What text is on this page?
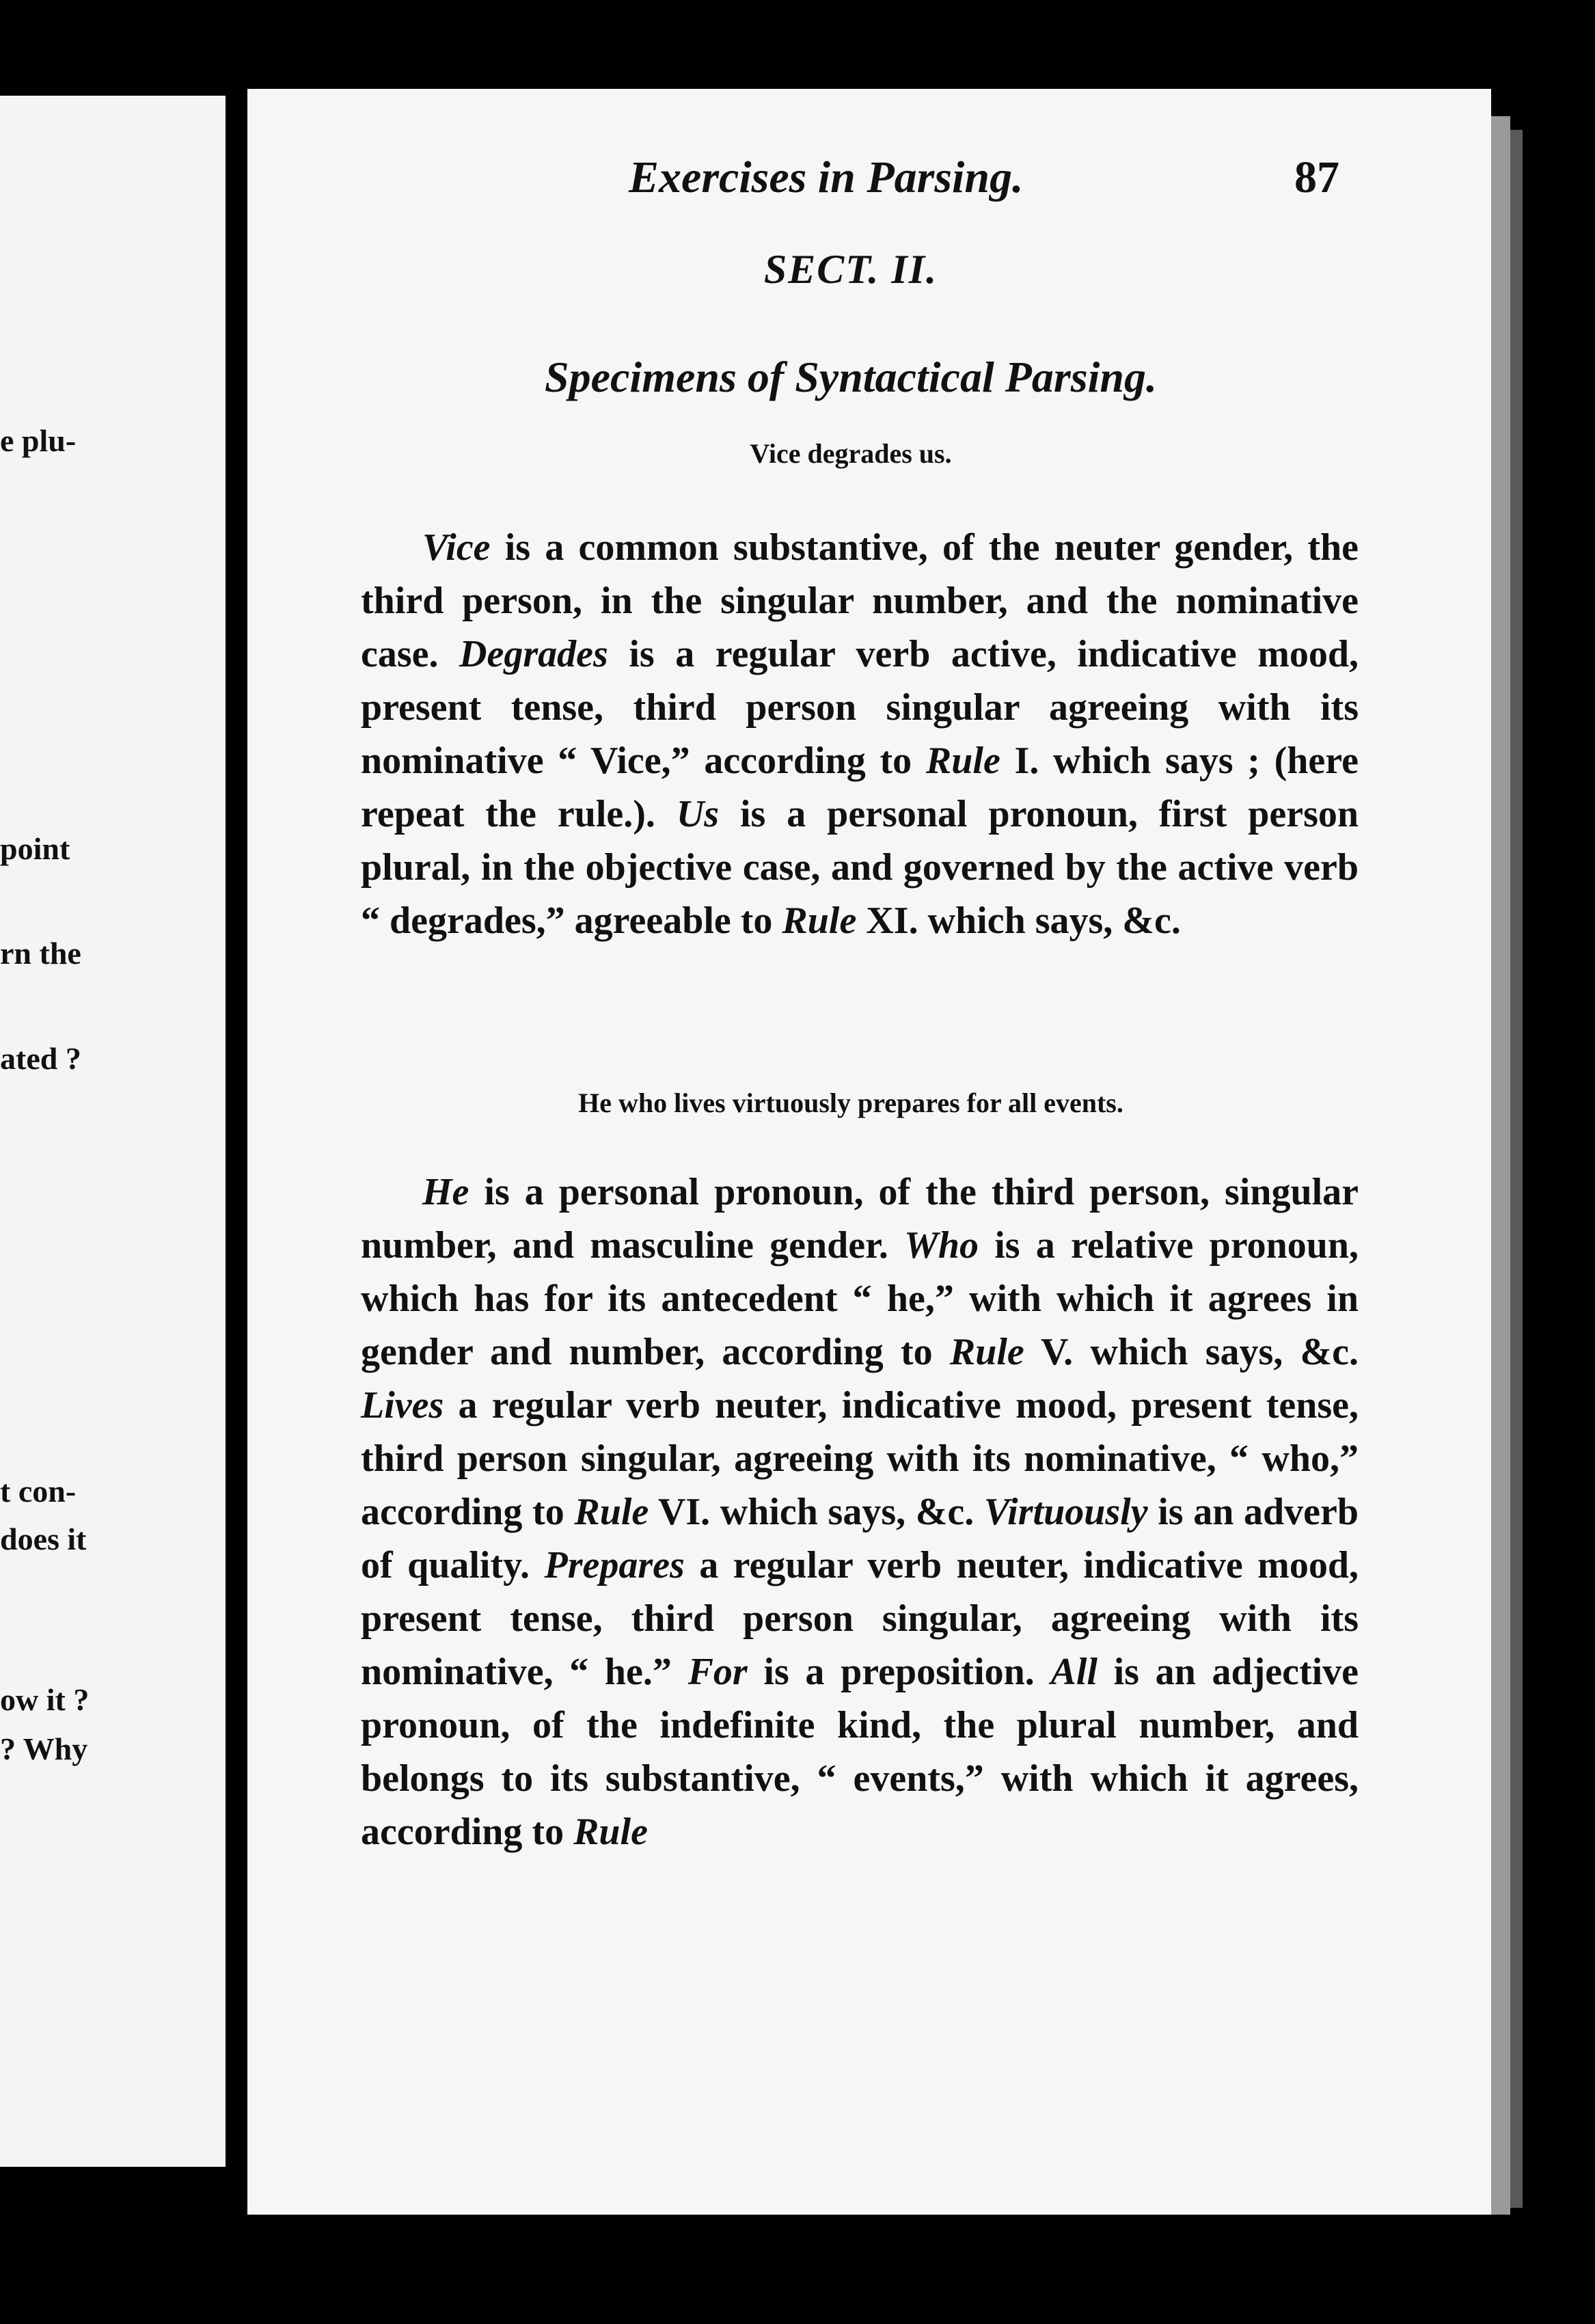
e plu-
point
rn the
ated ?
t con-
does it
ow it ?
? Why
Exercises in Parsing.	87
SECT. II.
Specimens of Syntactical Parsing.
Vice degrades us.

Vice is a common substantive, of the neuter gender, the third person, in the singular number, and the nominative case. Degrades is a regular verb active, indicative mood, present tense, third person singular agreeing with its nominative “ Vice,” according to Rule I. which says ; (here repeat the rule.). Us is a personal pronoun, first person plural, in the objective case, and governed by the active verb “ degrades,” agreeable to Rule XI. which says, &c.

He who lives virtuously prepares for all events.

He is a personal pronoun, of the third person, singular number, and masculine gender. Who is a relative pronoun, which has for its antecedent “ he,” with which it agrees in gender and number, according to Rule V. which says, &c. Lives a regular verb neuter, indicative mood, present tense, third person singular, agreeing with its nominative, “ who,” according to Rule VI. which says, &c. Virtuously is an adverb of quality. Prepares a regular verb neuter, indicative mood, present tense, third person singular, agreeing with its nominative, “ he.” For is a preposition. All is an adjective pronoun, of the indefinite kind, the plural number, and belongs to its substantive, “ events,” with which it agrees, according to Rule
